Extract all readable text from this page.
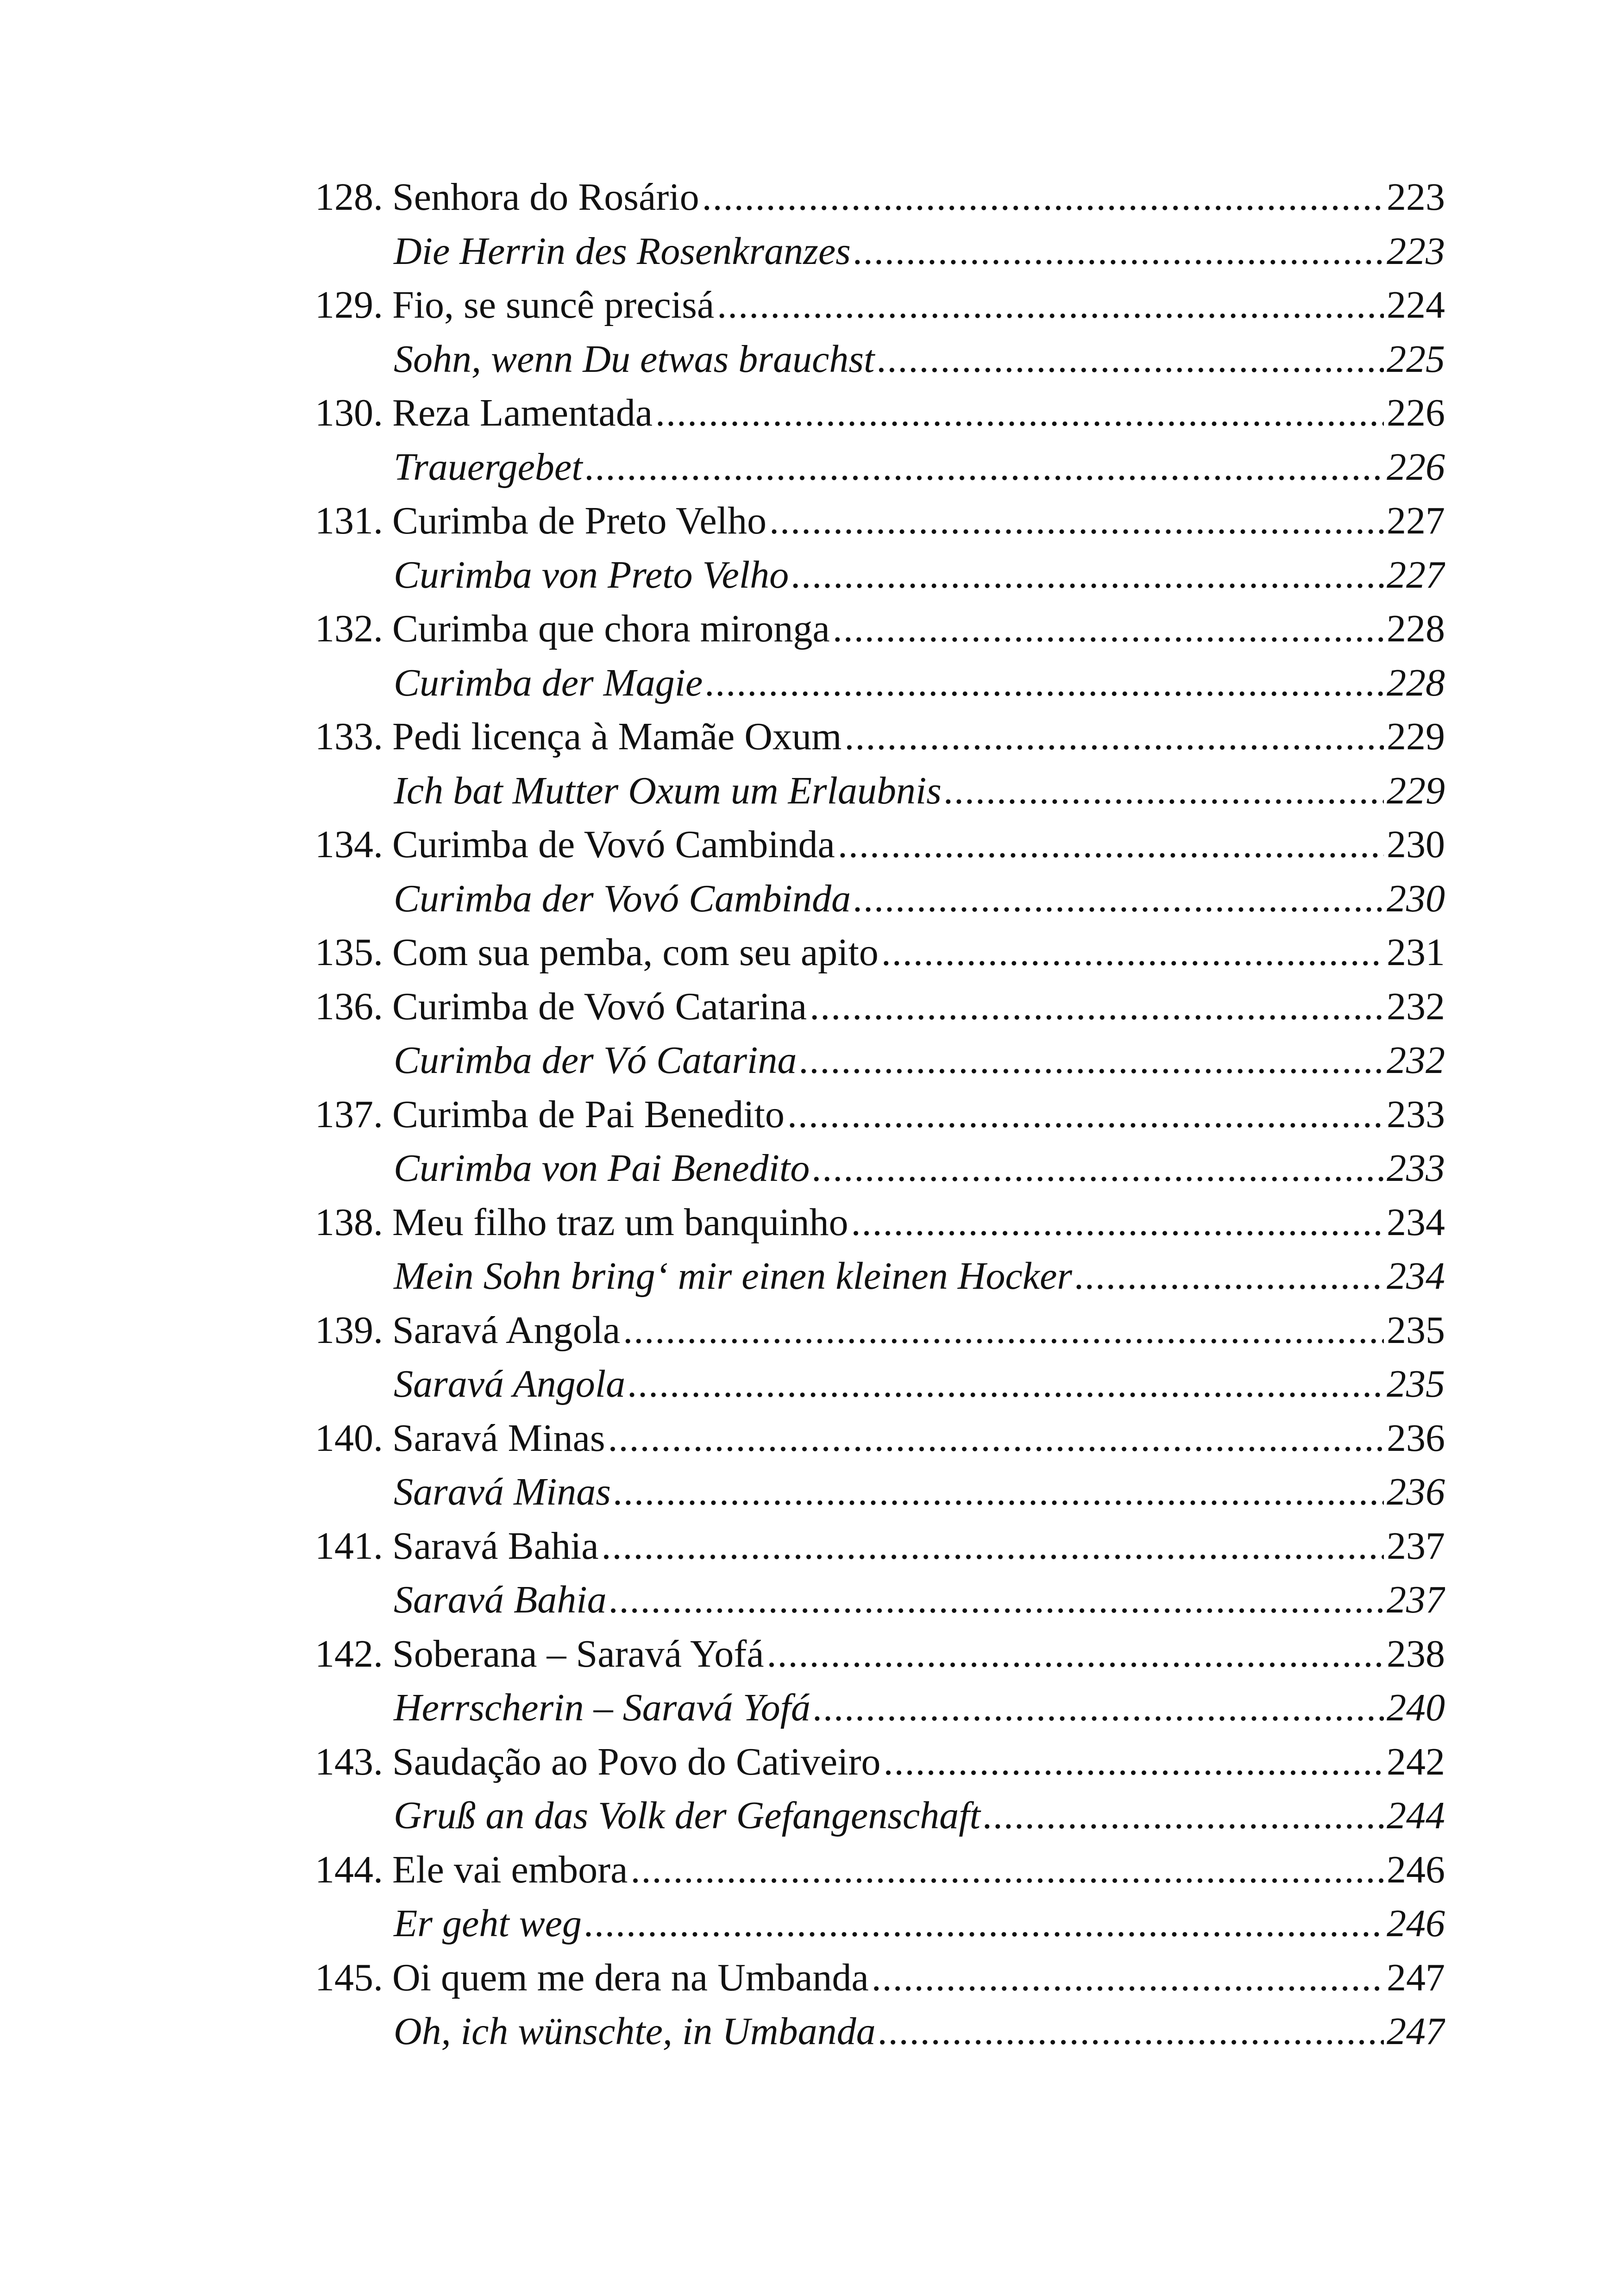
128. Senhora do Rosário .....	223
Die Herrin des Rosenkranzes .....	223
129. Fio, se suncê precisá .....	224
Sohn, wenn Du etwas brauchst .....	225
130. Reza Lamentada .....	226
Trauergebet .....	226
131. Curimba de Preto Velho .....	227
Curimba von Preto Velho .....	227
132. Curimba que chora mironga .....	228
Curimba der Magie .....	228
133. Pedi licença à Mamãe Oxum .....	229
Ich bat Mutter Oxum um Erlaubnis .....	229
134. Curimba de Vovó Cambinda .....	230
Curimba der Vovó Cambinda .....	230
135. Com sua pemba, com seu apito .....	231
136. Curimba de Vovó Catarina .....	232
Curimba der Vó Catarina .....	232
137. Curimba de Pai Benedito .....	233
Curimba von Pai Benedito .....	233
138. Meu filho traz um banquinho .....	234
Mein Sohn bring‘ mir einen kleinen Hocker .....	234
139. Saravá Angola .....	235
Saravá Angola .....	235
140. Saravá Minas .....	236
Saravá Minas .....	236
141. Saravá Bahia .....	237
Saravá Bahia .....	237
142. Soberana – Saravá Yofá .....	238
Herrscherin – Saravá Yofá .....	240
143. Saudação ao Povo do Cativeiro .....	242
Gruß an das Volk der Gefangenschaft .....	244
144. Ele vai embora .....	246
Er geht weg .....	246
145. Oi quem me dera na Umbanda .....	247
Oh, ich wünschte, in Umbanda .....	247
